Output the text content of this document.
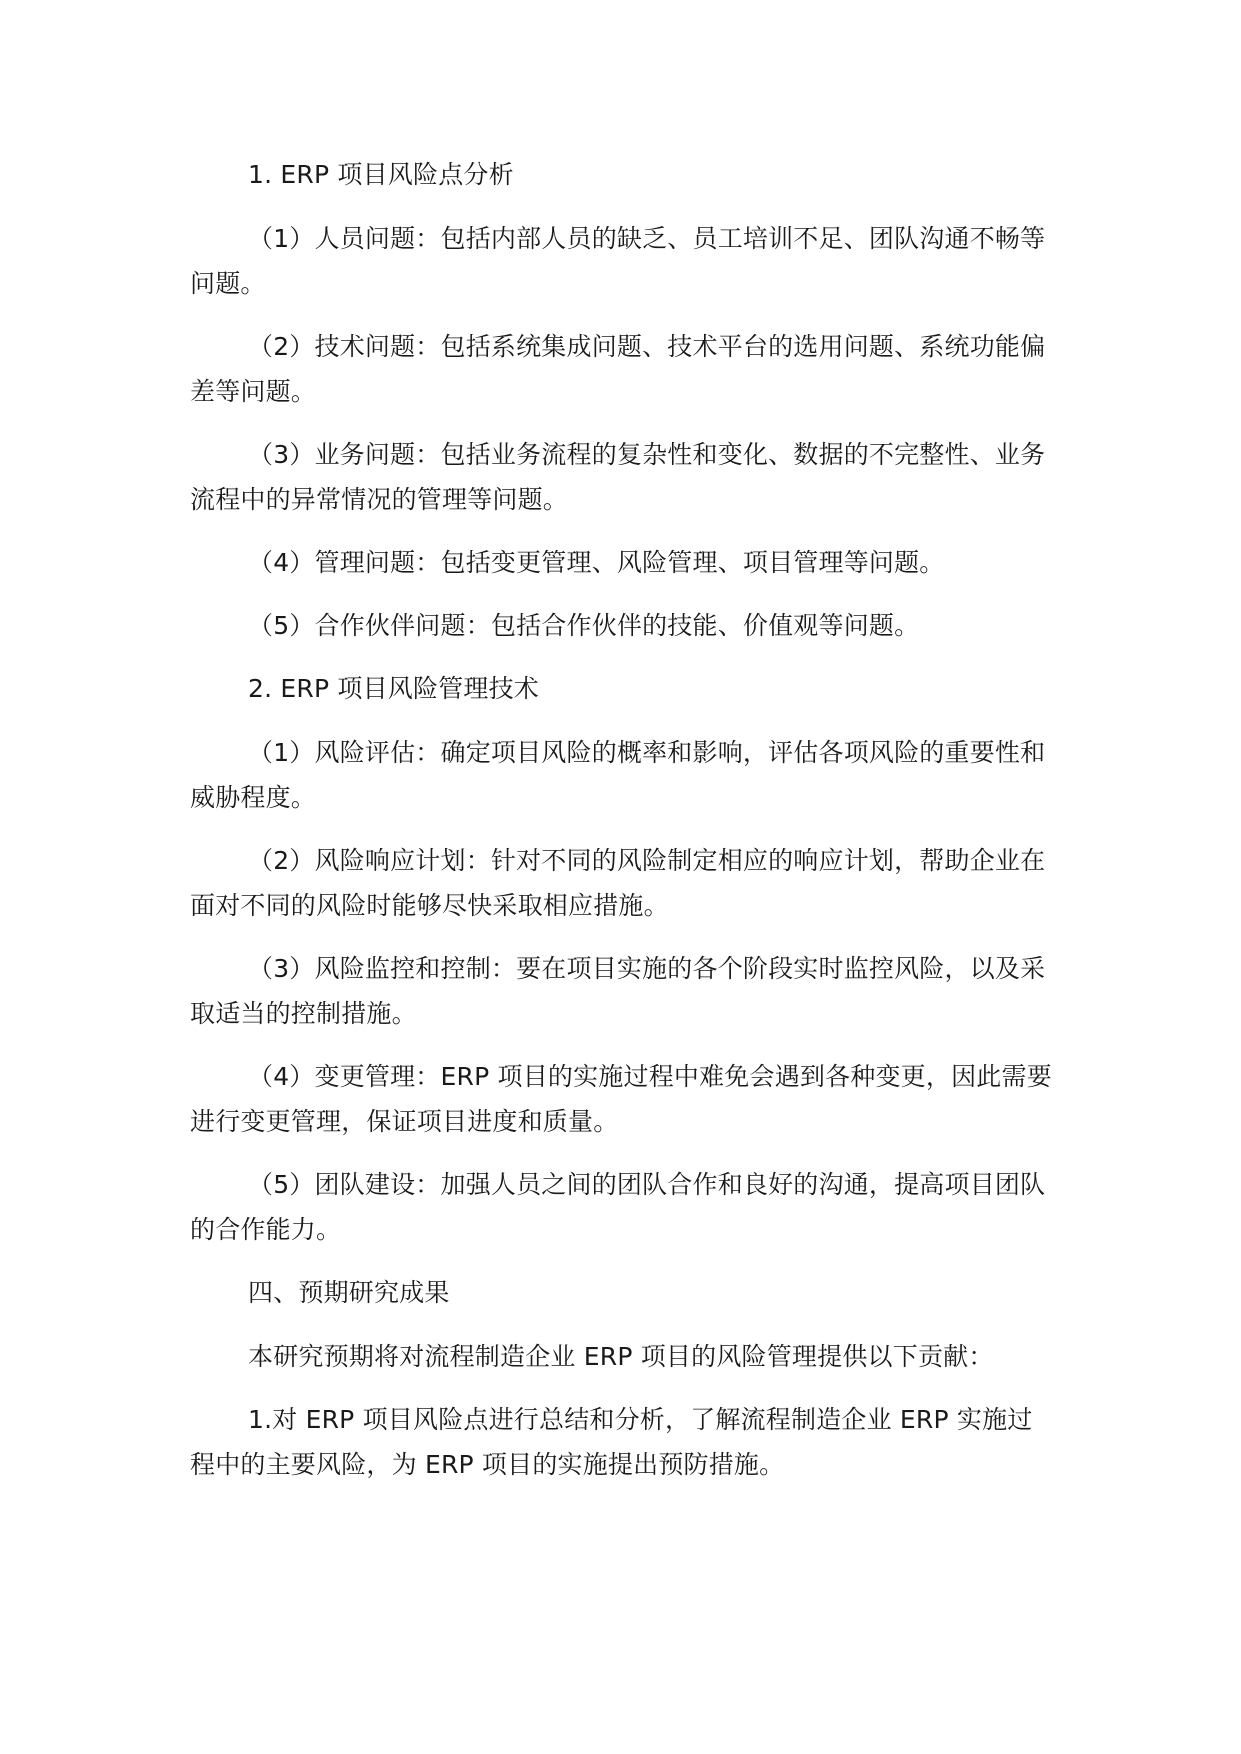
1. ERP 项目风险点分析

（1）人员问题：包括内部人员的缺乏、员工培训不足、团队沟通不畅等问题。

（2）技术问题：包括系统集成问题、技术平台的选用问题、系统功能偏差等问题。

（3）业务问题：包括业务流程的复杂性和变化、数据的不完整性、业务流程中的异常情况的管理等问题。

（4）管理问题：包括变更管理、风险管理、项目管理等问题。

（5）合作伙伴问题：包括合作伙伴的技能、价值观等问题。

2. ERP 项目风险管理技术

（1）风险评估：确定项目风险的概率和影响，评估各项风险的重要性和威胁程度。

（2）风险响应计划：针对不同的风险制定相应的响应计划，帮助企业在面对不同的风险时能够尽快采取相应措施。

（3）风险监控和控制：要在项目实施的各个阶段实时监控风险，以及采取适当的控制措施。

（4）变更管理：ERP 项目的实施过程中难免会遇到各种变更，因此需要进行变更管理，保证项目进度和质量。

（5）团队建设：加强人员之间的团队合作和良好的沟通，提高项目团队的合作能力。

四、预期研究成果

本研究预期将对流程制造企业 ERP 项目的风险管理提供以下贡献：

1.对 ERP 项目风险点进行总结和分析，了解流程制造企业 ERP 实施过程中的主要风险，为 ERP 项目的实施提出预防措施。
